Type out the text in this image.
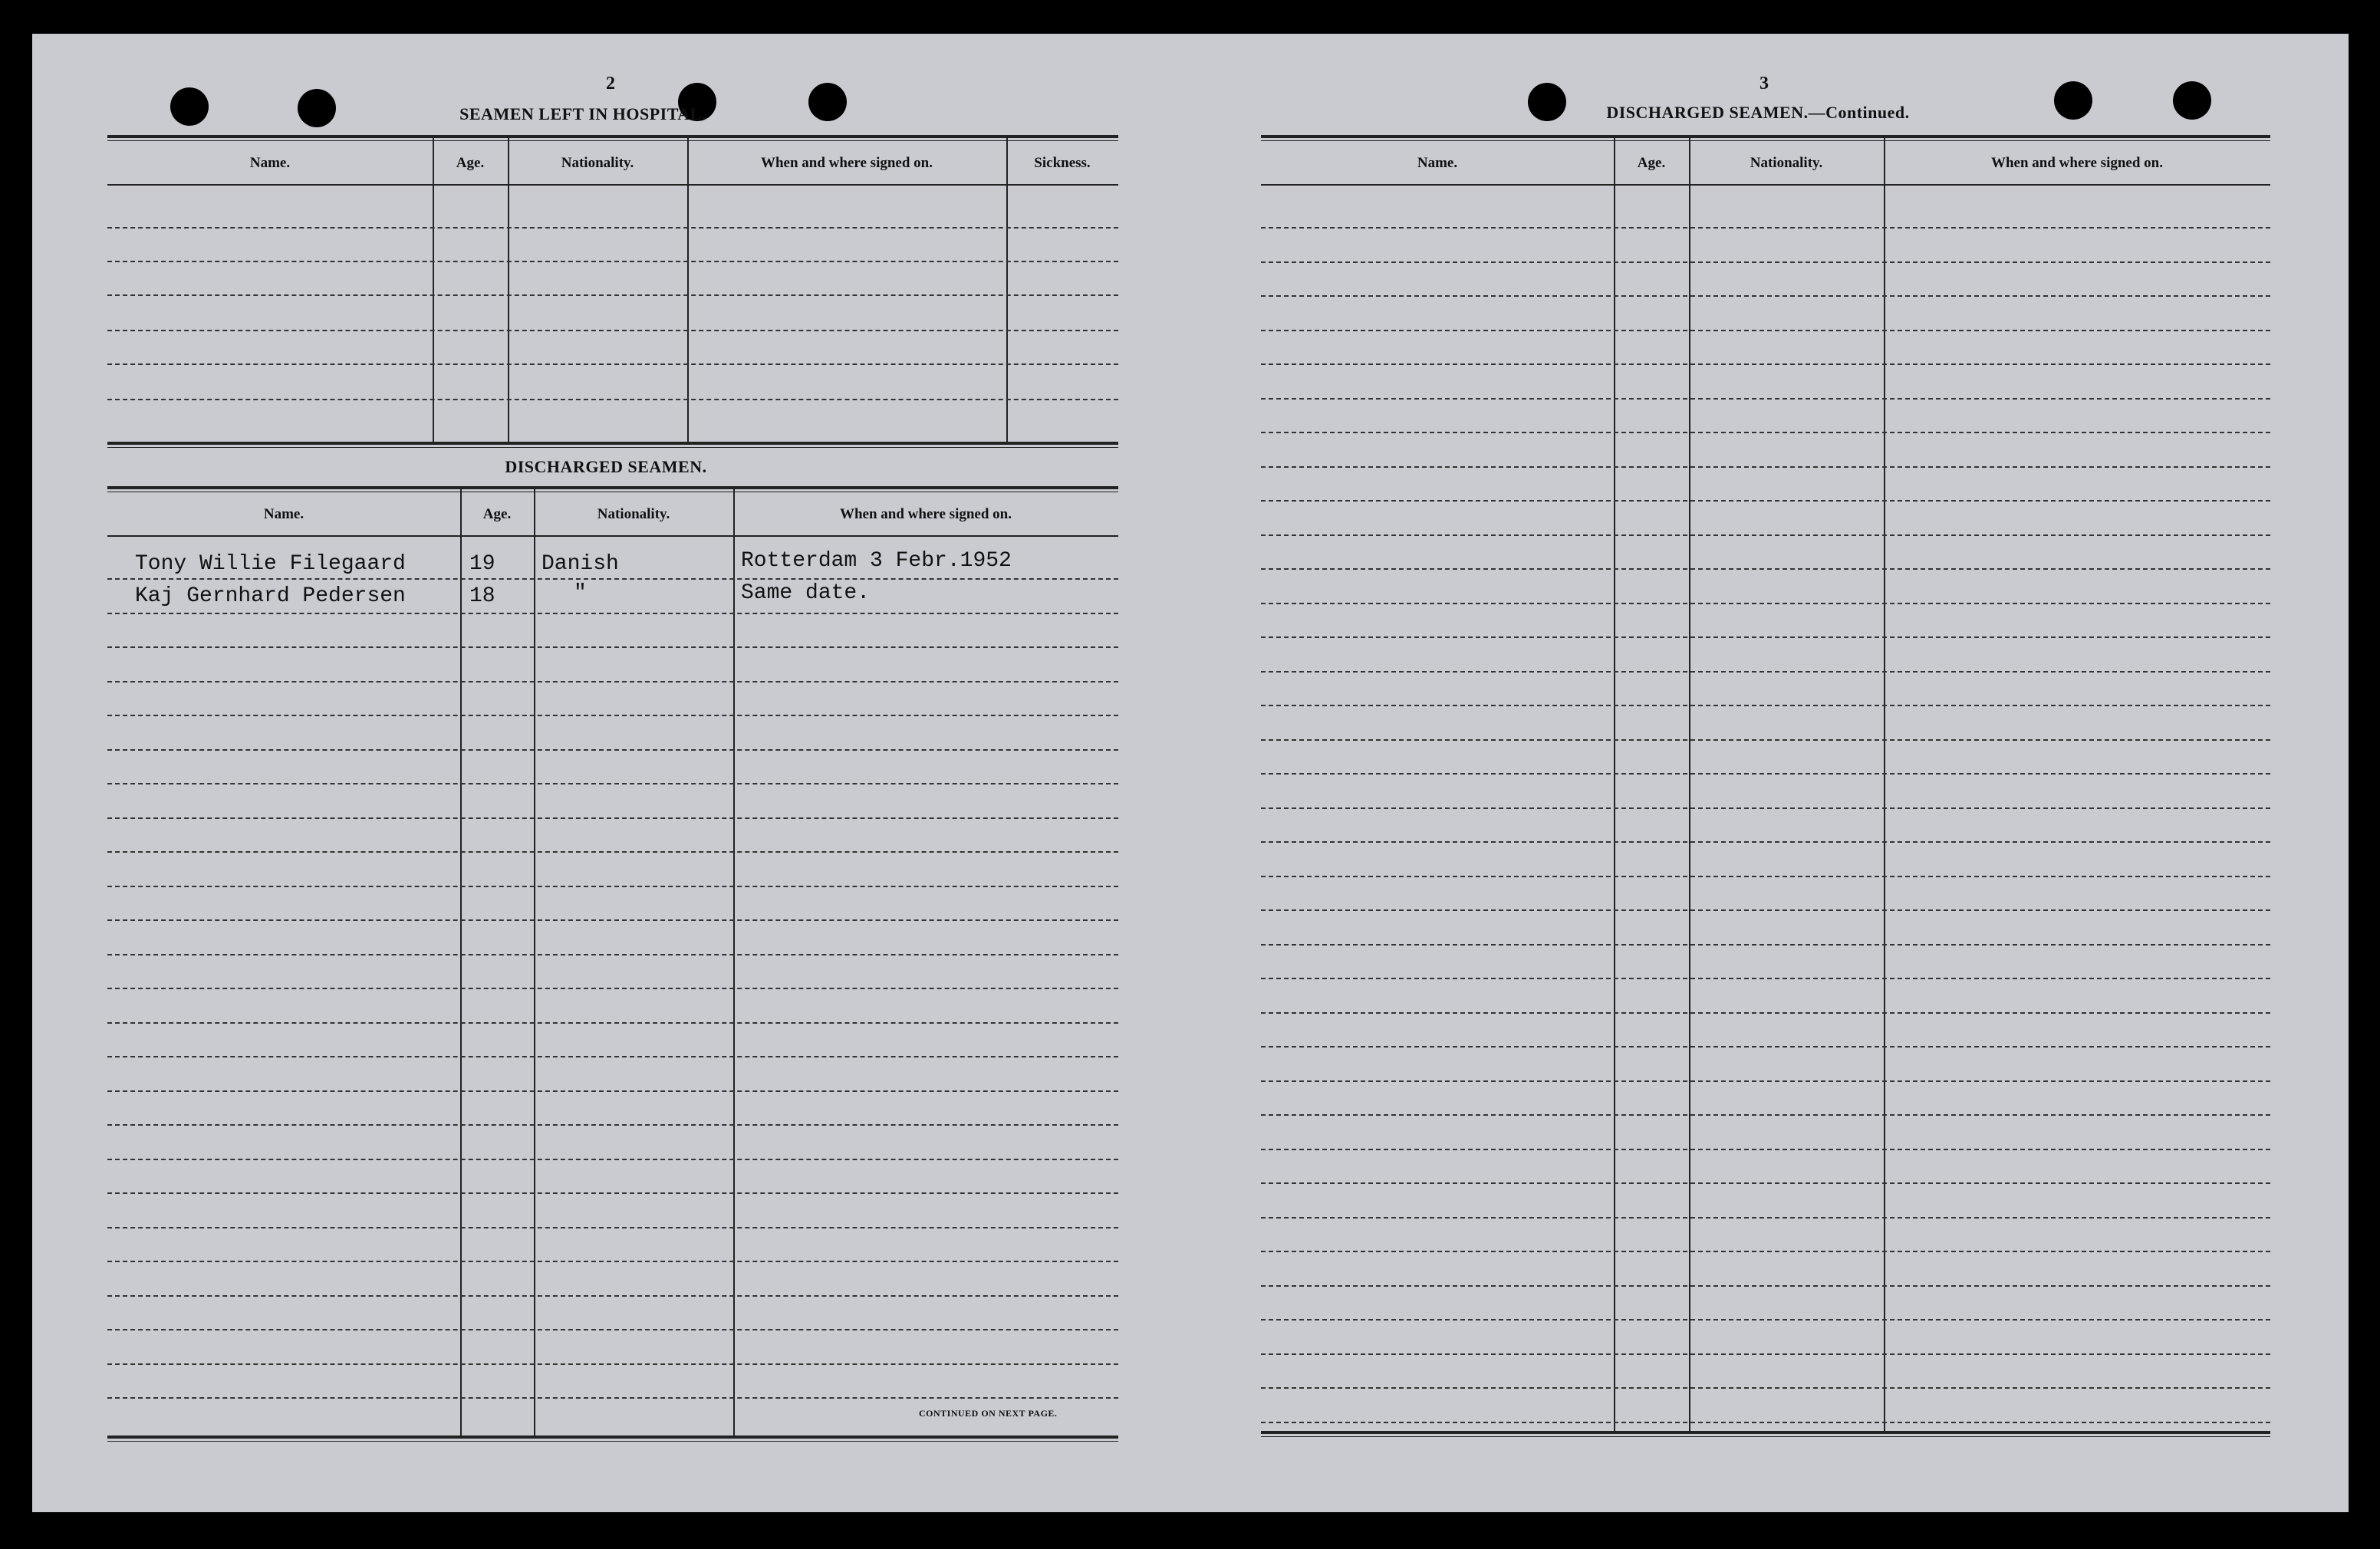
2
SEAMEN LEFT IN HOSPITAL.
Name.	Age.	Nationality.	When and where signed on.	Sickness.
DISCHARGED SEAMEN.
Name.	Age.	Nationality.	When and where signed on.
Tony Willie Filegaard	19 Danish	Rotterdam 3 Febr.1952
Kaj Gernhard Pedersen	18	"	Same date.
CONTINUED ON NEXT PAGE.
3
DISCHARGED SEAMEN.—Continued.
Name.	Age.	Nationality.	When and where signed on.
